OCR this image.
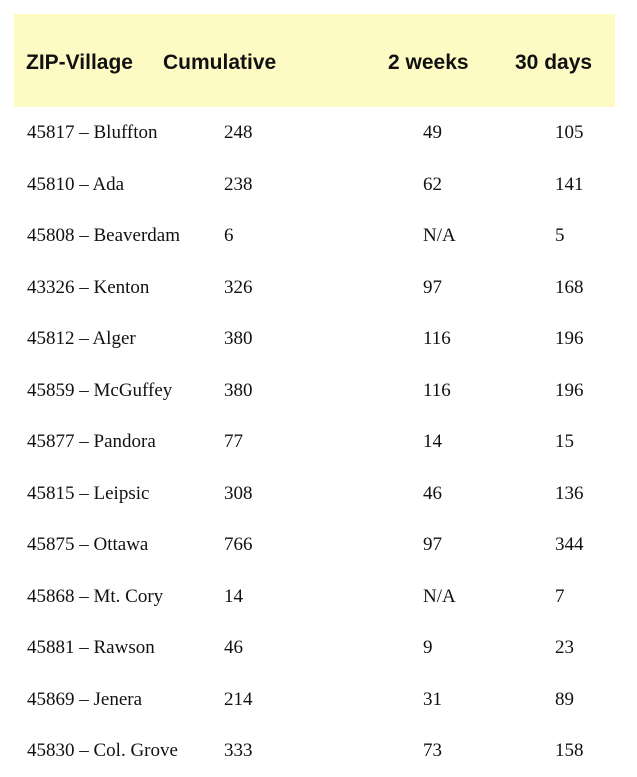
ZIP-Village Cumulative	2 weeks 30 days
45817 – Bluffton	248	49	105
45810 – Ada	238	62	141
45808 – Beaverdam 6	N/A	5
43326 – Kenton	326	97	168
45812 – Alger	380	116	196
45859 – McGuffey	380	116	196
45877 – Pandora	77	14	15
45815 – Leipsic	308	46	136
45875 – Ottawa	766	97	344
45868 – Mt. Cory	14	N/A	7
45881 – Rawson	46	9	23
45869 – Jenera	214	31	89
45830 – Col. Grove 333	73	158
